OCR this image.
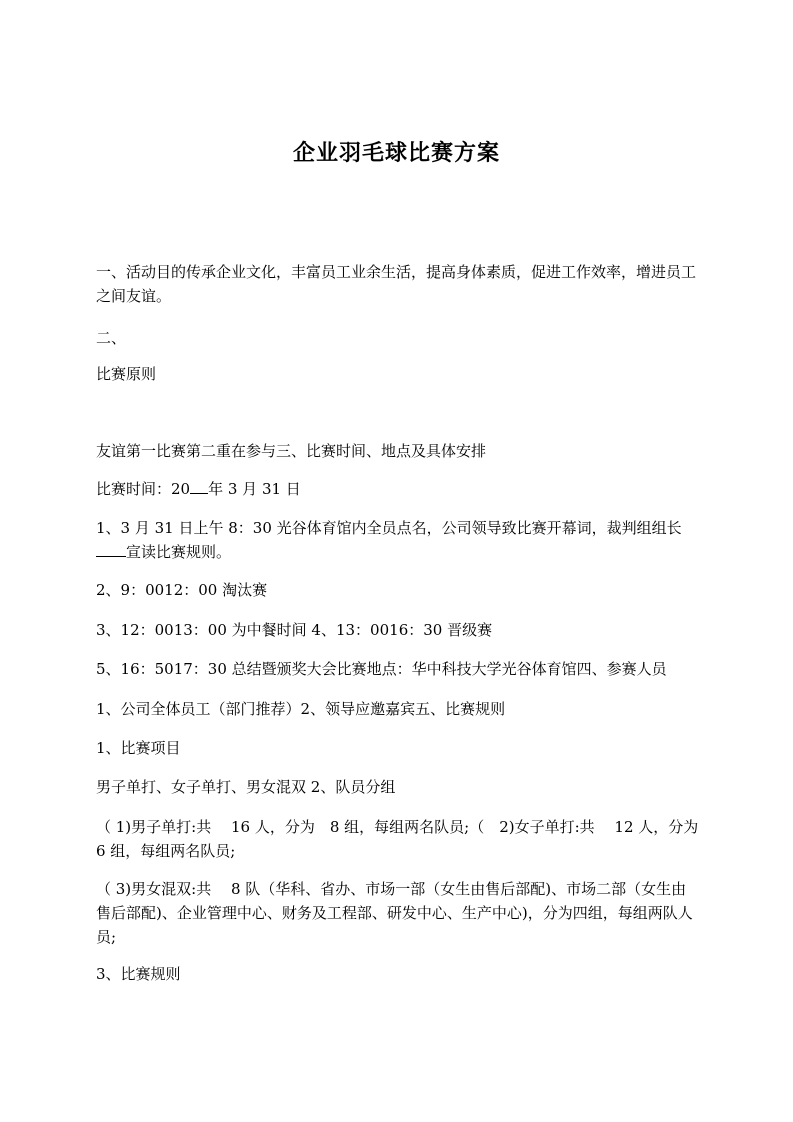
企业羽毛球比赛方案
一、活动目的传承企业文化，丰富员工业余生活，提高身体素质，促进工作效率，增进员工之间友谊。
二、
比赛原则
友谊第一比赛第二重在参与三、比赛时间、地点及具体安排
比赛时间：20 年 3 月 31 日
1、3 月 31 日上午 8：30 光谷体育馆内全员点名，公司领导致比赛开幕词，裁判组组长宣读比赛规则。
2、9：0012：00 淘汰赛
3、12：0013：00 为中餐时间 4、13：0016：30 晋级赛
5、16：5017：30 总结暨颁奖大会比赛地点：华中科技大学光谷体育馆四、参赛人员
1、公司全体员工（部门推荐）2、领导应邀嘉宾五、比赛规则
1、比赛项目
男子单打、女子单打、男女混双 2、队员分组
（ 1)男子单打:共　 16 人，分为　8 组，每组两名队员;（　2)女子单打:共　 12 人，分为 6 组，每组两名队员;
（ 3)男女混双:共　 8 队（华科、省办、市场一部（女生由售后部配)、市场二部（女生由售后部配)、企业管理中心、财务及工程部、研发中心、生产中心)，分为四组，每组两队人员;
3、比赛规则
